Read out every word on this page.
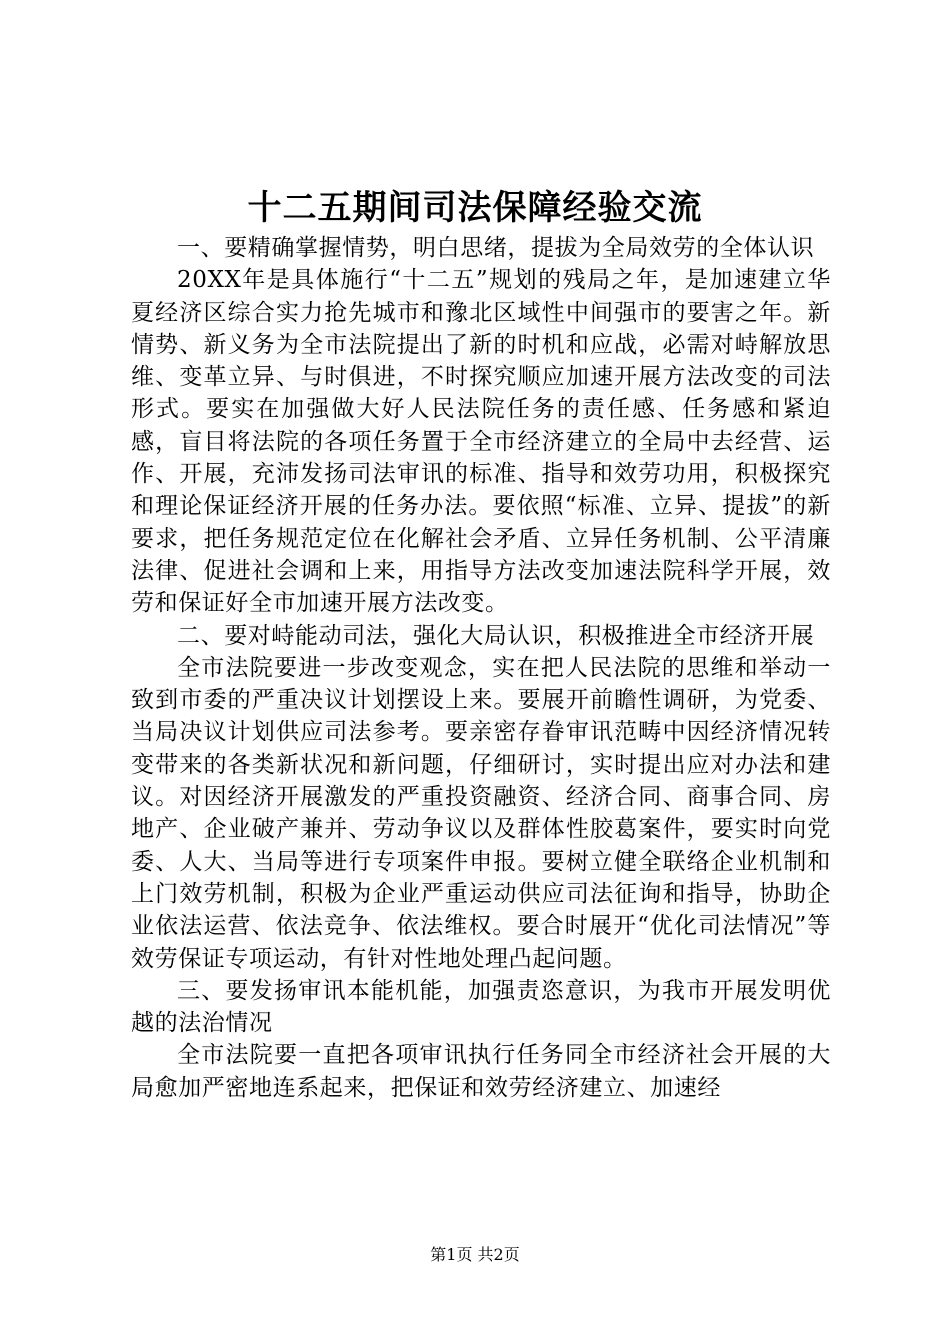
十二五期间司法保障经验交流

一、要精确掌握情势，明白思绪，提拔为全局效劳的全体认识

20XX年是具体施行“十二五”规划的残局之年，是加速建立华夏经济区综合实力抢先城市和豫北区域性中间强市的要害之年。新情势、新义务为全市法院提出了新的时机和应战，必需对峙解放思维、变革立异、与时俱进，不时探究顺应加速开展方法改变的司法形式。要实在加强做大好人民法院任务的责任感、任务感和紧迫感，盲目将法院的各项任务置于全市经济建立的全局中去经营、运作、开展，充沛发扬司法审讯的标准、指导和效劳功用，积极探究和理论保证经济开展的任务办法。要依照“标准、立异、提拔”的新要求，把任务规范定位在化解社会矛盾、立异任务机制、公平清廉法律、促进社会调和上来，用指导方法改变加速法院科学开展，效劳和保证好全市加速开展方法改变。

二、要对峙能动司法，强化大局认识，积极推进全市经济开展

全市法院要进一步改变观念，实在把人民法院的思维和举动一致到市委的严重决议计划摆设上来。要展开前瞻性调研，为党委、当局决议计划供应司法参考。要亲密存眷审讯范畴中因经济情况转变带来的各类新状况和新问题，仔细研讨，实时提出应对办法和建议。对因经济开展激发的严重投资融资、经济合同、商事合同、房地产、企业破产兼并、劳动争议以及群体性胶葛案件，要实时向党委、人大、当局等进行专项案件申报。要树立健全联络企业机制和上门效劳机制，积极为企业严重运动供应司法征询和指导，协助企业依法运营、依法竞争、依法维权。要合时展开“优化司法情况”等效劳保证专项运动，有针对性地处理凸起问题。

三、要发扬审讯本能机能，加强责恣意识，为我市开展发明优越的法治情况

全市法院要一直把各项审讯执行任务同全市经济社会开展的大局愈加严密地连系起来，把保证和效劳经济建立、加速经

第1页 共2页
